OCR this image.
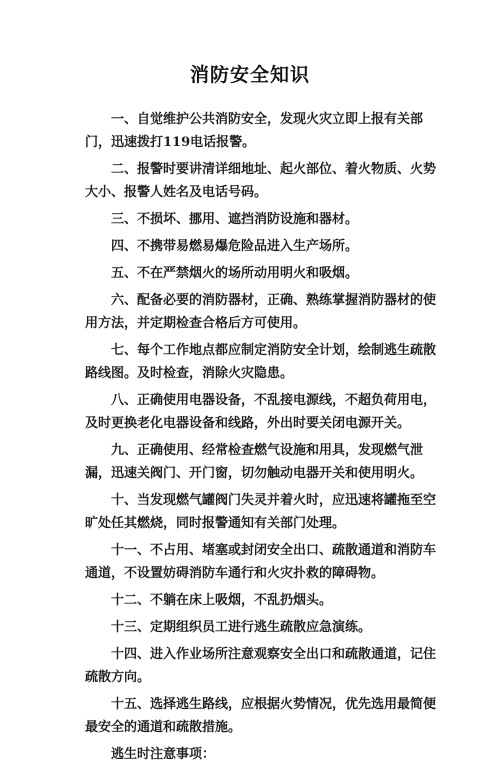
消防安全知识

一、自觉维护公共消防安全，发现火灾立即上报有关部门，迅速拨打119电话报警。

二、报警时要讲清详细地址、起火部位、着火物质、火势大小、报警人姓名及电话号码。

三、不损坏、挪用、遮挡消防设施和器材。

四、不携带易燃易爆危险品进入生产场所。

五、不在严禁烟火的场所动用明火和吸烟。

六、配备必要的消防器材，正确、熟练掌握消防器材的使用方法，并定期检查合格后方可使用。

七、每个工作地点都应制定消防安全计划，绘制逃生疏散路线图。及时检查，消除火灾隐患。

八、正确使用电器设备，不乱接电源线，不超负荷用电，及时更换老化电器设备和线路，外出时要关闭电源开关。

九、正确使用、经常检查燃气设施和用具，发现燃气泄漏，迅速关阀门、开门窗，切勿触动电器开关和使用明火。

十、当发现燃气罐阀门失灵并着火时，应迅速将罐拖至空旷处任其燃烧，同时报警通知有关部门处理。

十一、不占用、堵塞或封闭安全出口、疏散通道和消防车通道，不设置妨碍消防车通行和火灾扑救的障碍物。

十二、不躺在床上吸烟，不乱扔烟头。

十三、定期组织员工进行逃生疏散应急演练。

十四、进入作业场所注意观察安全出口和疏散通道，记住疏散方向。

十五、选择逃生路线，应根据火势情况，优先选用最简便最安全的通道和疏散措施。

逃生时注意事项：
